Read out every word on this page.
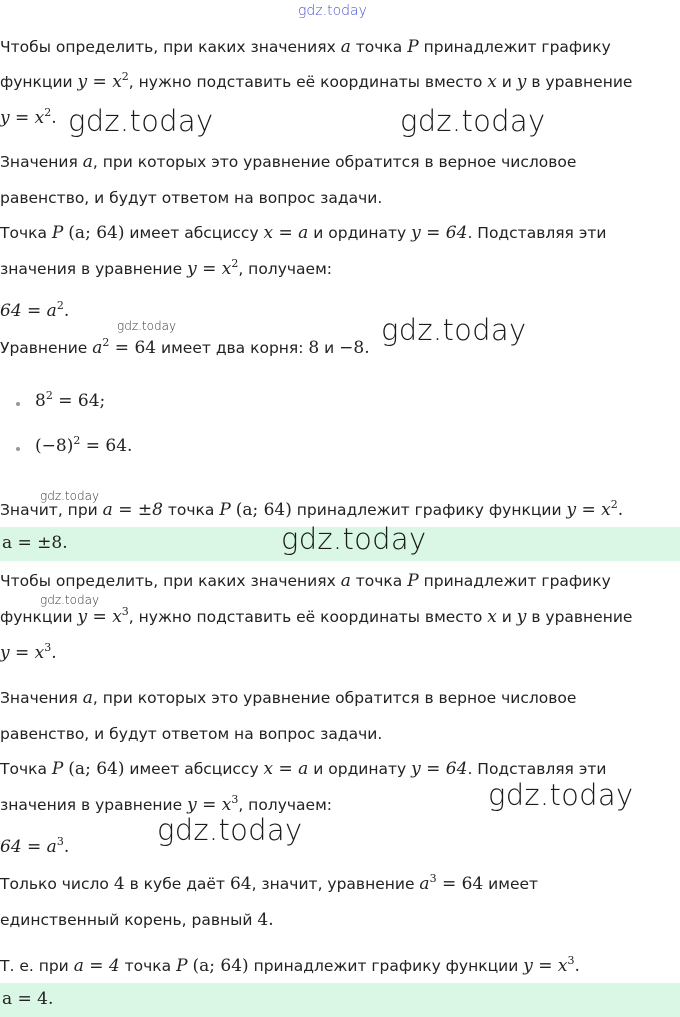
gdz.today
Чтобы определить, при каких значениях a точка P принадлежит графику
функции $y = x^2$, нужно подставить её координаты вместо x и y в уравнение
$y = x^2$. gdz.today	gdz.today
Значения a, при которых это уравнение обратится в верное числовое
равенство, и будут ответом на вопрос задачи.
Точка P (a; 64) имеет абсциссу x = a и ординату y = 64. Подставляя эти
значения в уравнение $y = x^2$, получаем:
$64 = a^2$.
gdz.today	gdz.today
Уравнение $a^2 = 64$ имеет два корня: 8 и −8.
$8^2 = 64$;
$(-8)^2 = 64$.
gdz.today
Значит, при a = ±8 точка P (a; 64) принадлежит графику функции $y = x^2$.
a = ±8.	gdz.today
Чтобы определить, при каких значениях a точка P принадлежит графику
gdz.today
функции $y = x^3$, нужно подставить её координаты вместо x и y в уравнение
$y = x^3$.
Значения a, при которых это уравнение обратится в верное числовое
равенство, и будут ответом на вопрос задачи.
Точка P (a; 64) имеет абсциссу x = a и ординату y = 64. Подставляя эти
значения в уравнение $y = x^3$, получаем:	gdz.today
gdz.today
$64 = a^3$.
Только число 4 в кубе даёт 64, значит, уравнение $a^3 = 64$ имеет
единственный корень, равный 4.
Т. е. при a = 4 точка P (a; 64) принадлежит графику функции $y = x^3$.
a = 4.
